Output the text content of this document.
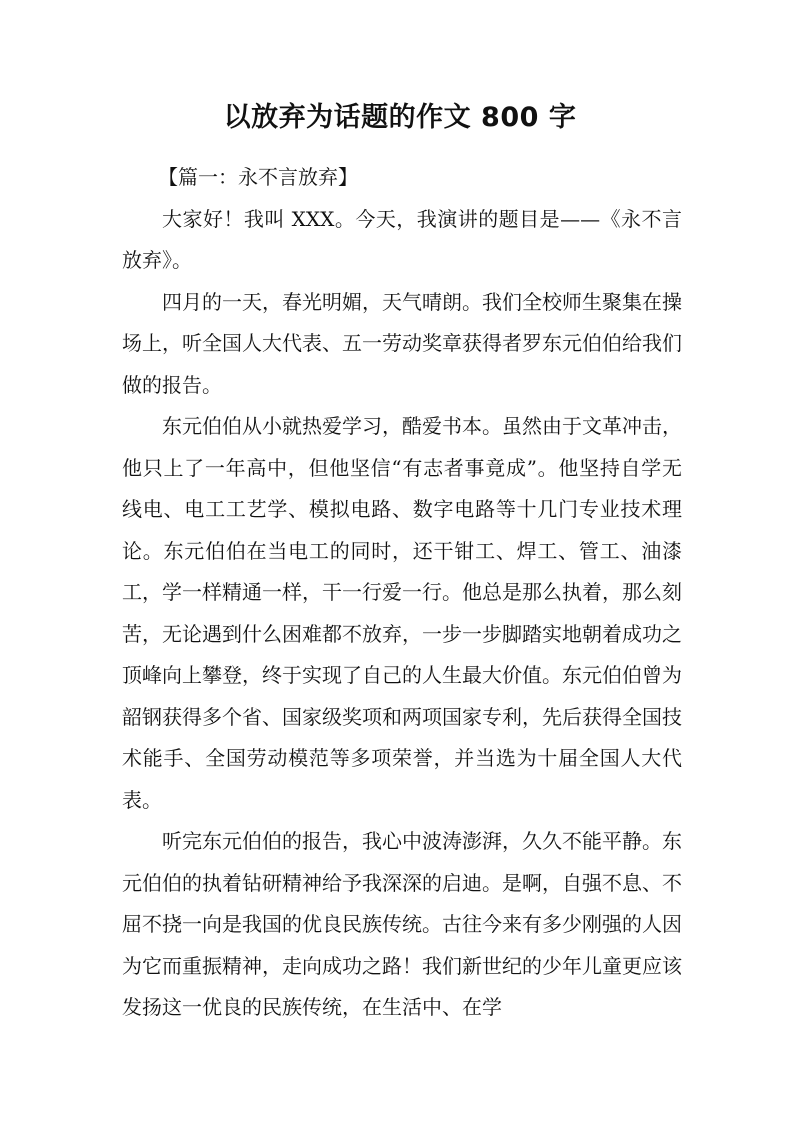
以放弃为话题的作文 800 字

【篇一：永不言放弃】

大家好！我叫 XXX。今天，我演讲的题目是——《永不言放弃》。

四月的一天，春光明媚，天气晴朗。我们全校师生聚集在操场上，听全国人大代表、五一劳动奖章获得者罗东元伯伯给我们做的报告。

东元伯伯从小就热爱学习，酷爱书本。虽然由于文革冲击，他只上了一年高中，但他坚信“有志者事竟成”。他坚持自学无线电、电工工艺学、模拟电路、数字电路等十几门专业技术理论。东元伯伯在当电工的同时，还干钳工、焊工、管工、油漆工，学一样精通一样，干一行爱一行。他总是那么执着，那么刻苦，无论遇到什么困难都不放弃，一步一步脚踏实地朝着成功之顶峰向上攀登，终于实现了自己的人生最大价值。东元伯伯曾为韶钢获得多个省、国家级奖项和两项国家专利，先后获得全国技术能手、全国劳动模范等多项荣誉，并当选为十届全国人大代表。

听完东元伯伯的报告，我心中波涛澎湃，久久不能平静。东元伯伯的执着钻研精神给予我深深的启迪。是啊，自强不息、不屈不挠一向是我国的优良民族传统。古往今来有多少刚强的人因为它而重振精神，走向成功之路！我们新世纪的少年儿童更应该发扬这一优良的民族传统，在生活中、在学
